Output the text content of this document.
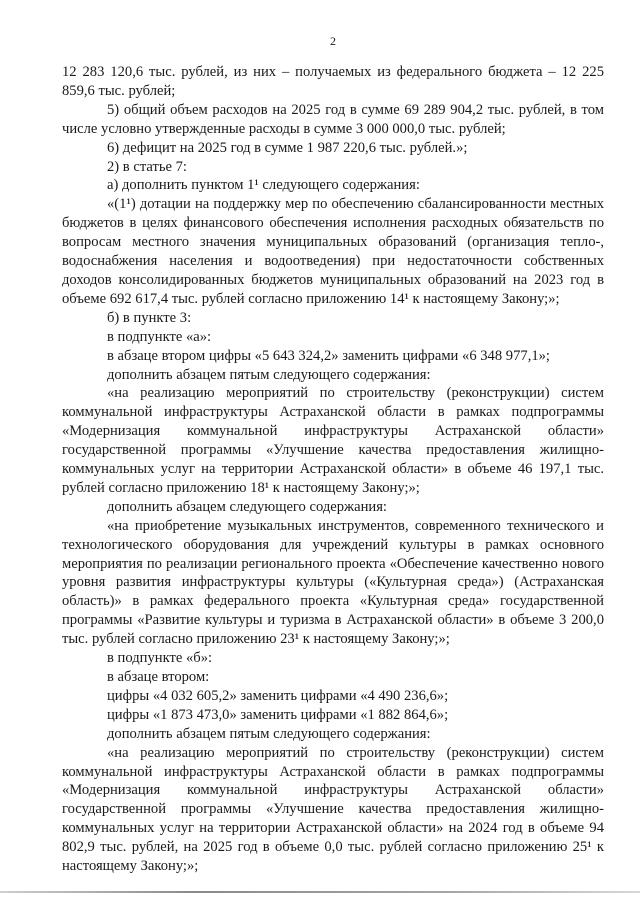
2

12 283 120,6 тыс. рублей, из них – получаемых из федерального бюджета – 12 225 859,6 тыс. рублей;

5) общий объем расходов на 2025 год в сумме 69 289 904,2 тыс. рублей, в том числе условно утвержденные расходы в сумме 3 000 000,0 тыс. рублей;

6) дефицит на 2025 год в сумме 1 987 220,6 тыс. рублей.»;

2) в статье 7:

а) дополнить пунктом 1¹ следующего содержания:

«(1¹) дотации на поддержку мер по обеспечению сбалансированности местных бюджетов в целях финансового обеспечения исполнения расходных обязательств по вопросам местного значения муниципальных образований (организация тепло-, водоснабжения населения и водоотведения) при недостаточности собственных доходов консолидированных бюджетов муниципальных образований на 2023 год в объеме 692 617,4 тыс. рублей согласно приложению 14¹ к настоящему Закону;»;

б) в пункте 3:

в подпункте «а»:

в абзаце втором цифры «5 643 324,2» заменить цифрами «6 348 977,1»;

дополнить абзацем пятым следующего содержания:

«на реализацию мероприятий по строительству (реконструкции) систем коммунальной инфраструктуры Астраханской области в рамках подпрограммы «Модернизация коммунальной инфраструктуры Астраханской области» государственной программы «Улучшение качества предоставления жилищно-коммунальных услуг на территории Астраханской области» в объеме 46 197,1 тыс. рублей согласно приложению 18¹ к настоящему Закону;»;

дополнить абзацем следующего содержания:

«на приобретение музыкальных инструментов, современного технического и технологического оборудования для учреждений культуры в рамках основного мероприятия по реализации регионального проекта «Обеспечение качественно нового уровня развития инфраструктуры культуры («Культурная среда») (Астраханская область)» в рамках федерального проекта «Культурная среда» государственной программы «Развитие культуры и туризма в Астраханской области» в объеме 3 200,0 тыс. рублей согласно приложению 23¹ к настоящему Закону;»;

в подпункте «б»:

в абзаце втором:

цифры «4 032 605,2» заменить цифрами «4 490 236,6»;

цифры «1 873 473,0» заменить цифрами «1 882 864,6»;

дополнить абзацем пятым следующего содержания:

«на реализацию мероприятий по строительству (реконструкции) систем коммунальной инфраструктуры Астраханской области в рамках подпрограммы «Модернизация коммунальной инфраструктуры Астраханской области» государственной программы «Улучшение качества предоставления жилищно-коммунальных услуг на территории Астраханской области» на 2024 год в объеме 94 802,9 тыс. рублей, на 2025 год в объеме 0,0 тыс. рублей согласно приложению 25¹ к настоящему Закону;»;
